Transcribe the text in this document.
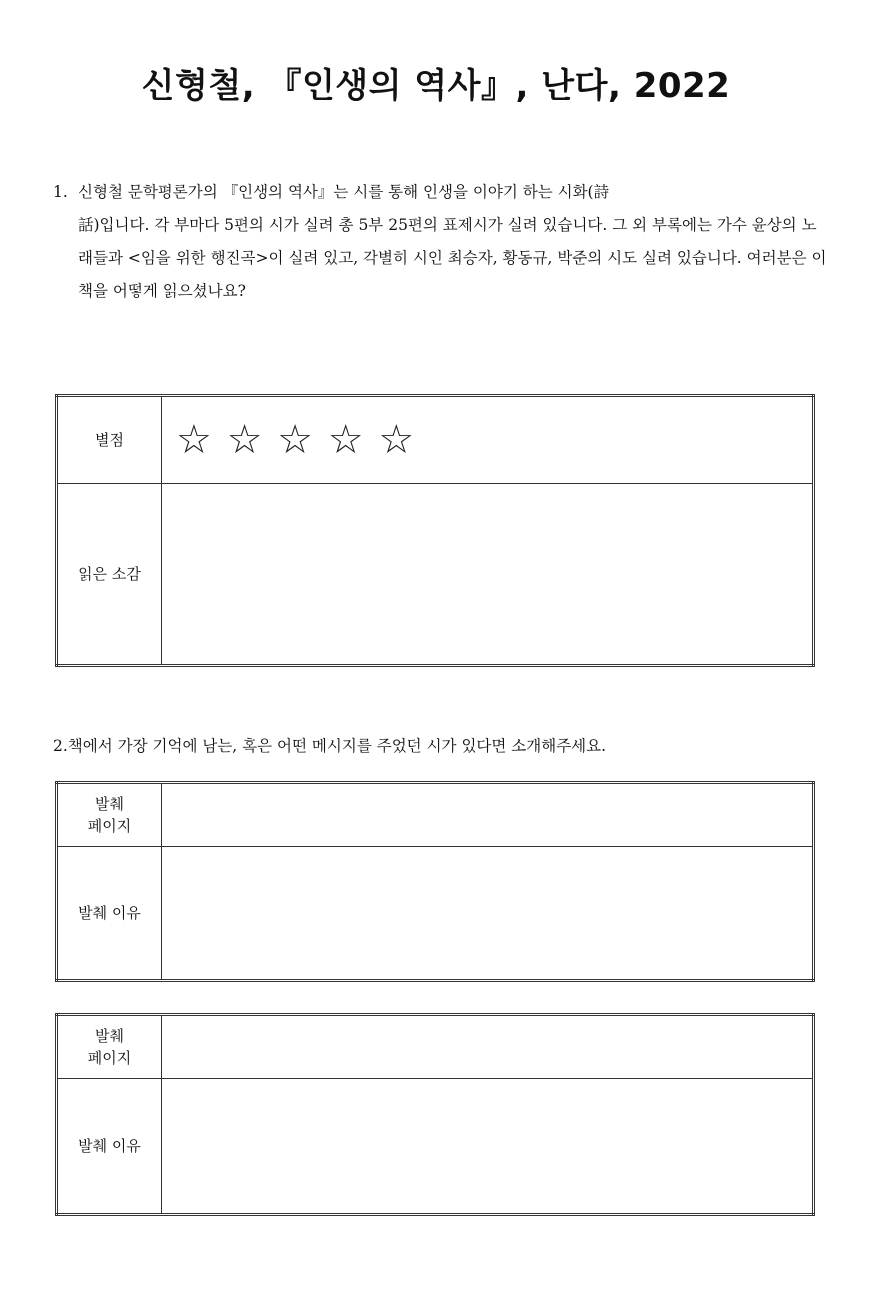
신형철, 『인생의 역사』, 난다, 2022
1. 신형철 문학평론가의 『인생의 역사』는 시를 통해 인생을 이야기 하는 시화(詩
話)입니다. 각 부마다 5편의 시가 실려 총 5부 25편의 표제시가 실려 있습니다. 그 외 부록에는 가수 윤상의 노래들과 <임을 위한 행진곡>이 실려 있고, 각별히 시인 최승자, 황동규, 박준의 시도 실려 있습니다. 여러분은 이 책을 어떻게 읽으셨나요?
별점	☆ ☆ ☆ ☆ ☆

읽은 소감	

2.책에서 가장 기억에 남는, 혹은 어떤 메시지를 주었던 시가 있다면 소개해주세요.

발췌
페이지	
발췌 이유	
발췌
페이지	
발췌 이유	
